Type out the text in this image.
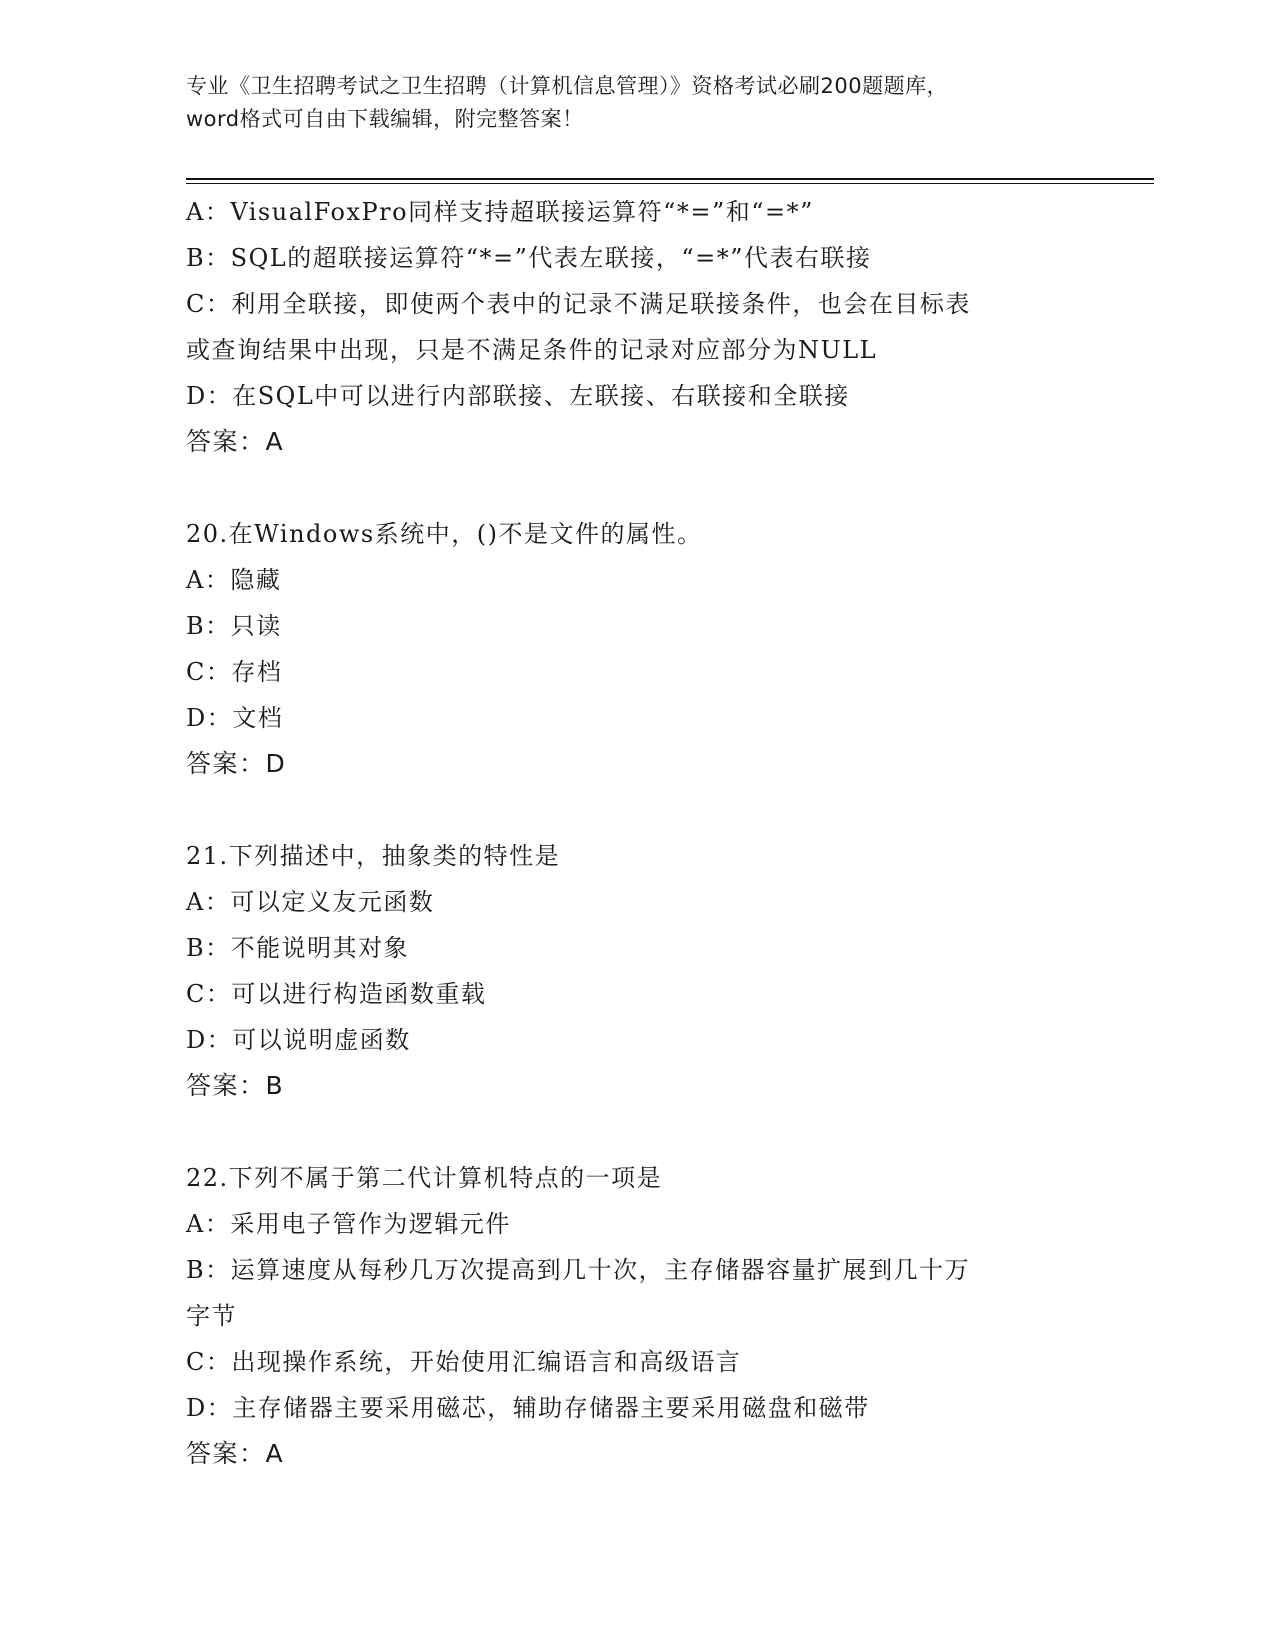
专业《卫生招聘考试之卫生招聘（计算机信息管理）》资格考试必刷200题题库，
word格式可自由下载编辑，附完整答案！
A：VisualFoxPro同样支持超联接运算符“*=”和“=*”
B：SQL的超联接运算符“*=”代表左联接，“=*”代表右联接
C：利用全联接，即使两个表中的记录不满足联接条件，也会在目标表
或查询结果中出现，只是不满足条件的记录对应部分为NULL
D：在SQL中可以进行内部联接、左联接、右联接和全联接
答案：A
20.在Windows系统中，()不是文件的属性。
A：隐藏
B：只读
C：存档
D：文档
答案：D
21.下列描述中，抽象类的特性是
A：可以定义友元函数
B：不能说明其对象
C：可以进行构造函数重载
D：可以说明虚函数
答案：B
22.下列不属于第二代计算机特点的一项是
A：采用电子管作为逻辑元件
B：运算速度从每秒几万次提高到几十次，主存储器容量扩展到几十万
字节
C：出现操作系统，开始使用汇编语言和高级语言
D：主存储器主要采用磁芯，辅助存储器主要采用磁盘和磁带
答案：A
